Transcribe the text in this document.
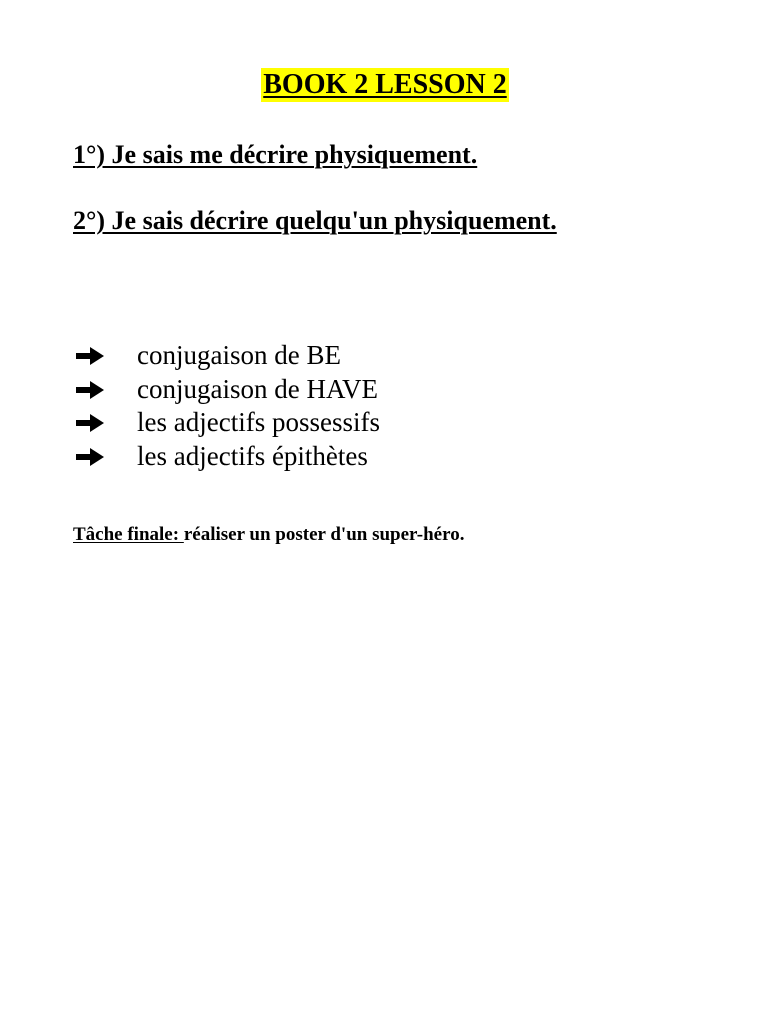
BOOK 2 LESSON 2
1°) Je sais me décrire physiquement.
2°) Je sais décrire quelqu'un physiquement.
conjugaison de BE
conjugaison de HAVE
les adjectifs possessifs
les adjectifs épithètes
Tâche finale: réaliser un poster d'un super-héro.
